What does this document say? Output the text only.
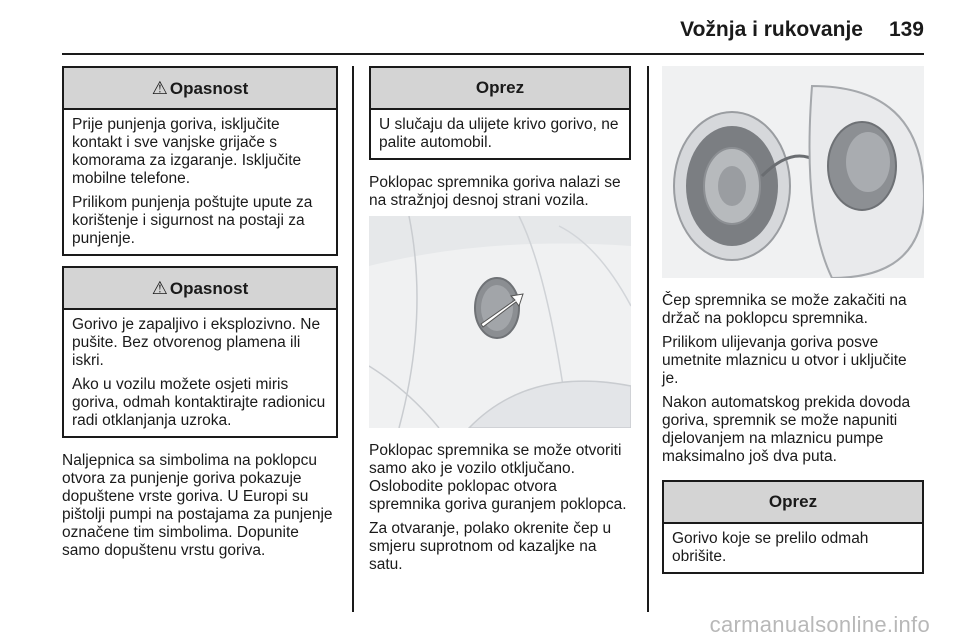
Vožnja i rukovanje 139
⚠ Opasnost

Prije punjenja goriva, isključite kontakt i sve vanjske grijače s komorama za izgaranje. Isključite mobilne telefone.

Prilikom punjenja poštujte upute za korištenje i sigurnost na postaji za punjenje.

⚠ Opasnost

Gorivo je zapaljivo i eksplozivno. Ne pušite. Bez otvorenog plamena ili iskri.

Ako u vozilu možete osjeti miris goriva, odmah kontaktirajte radionicu radi otklanjanja uzroka.

Naljepnica sa simbolima na poklopcu otvora za punjenje goriva pokazuje dopuštene vrste goriva. U Europi su pištolji pumpi na postajama za punjenje označene tim simbolima. Dopunite samo dopuštenu vrstu goriva.

Oprez

U slučaju da ulijete krivo gorivo, ne palite automobil.

Poklopac spremnika goriva nalazi se na stražnjoj desnoj strani vozila.

Poklopac spremnika se može otvoriti samo ako je vozilo otključano. Oslobodite poklopac otvora spremnika goriva guranjem poklopca.

Za otvaranje, polako okrenite čep u smjeru suprotnom od kazaljke na satu.

Čep spremnika se može zakačiti na držač na poklopcu spremnika.

Prilikom ulijevanja goriva posve umetnite mlaznicu u otvor i uključite je.

Nakon automatskog prekida dovoda goriva, spremnik se može napuniti djelovanjem na mlaznicu pumpe maksimalno još dva puta.

Oprez

Gorivo koje se prelilo odmah obrišite.

carmanualsonline.info
